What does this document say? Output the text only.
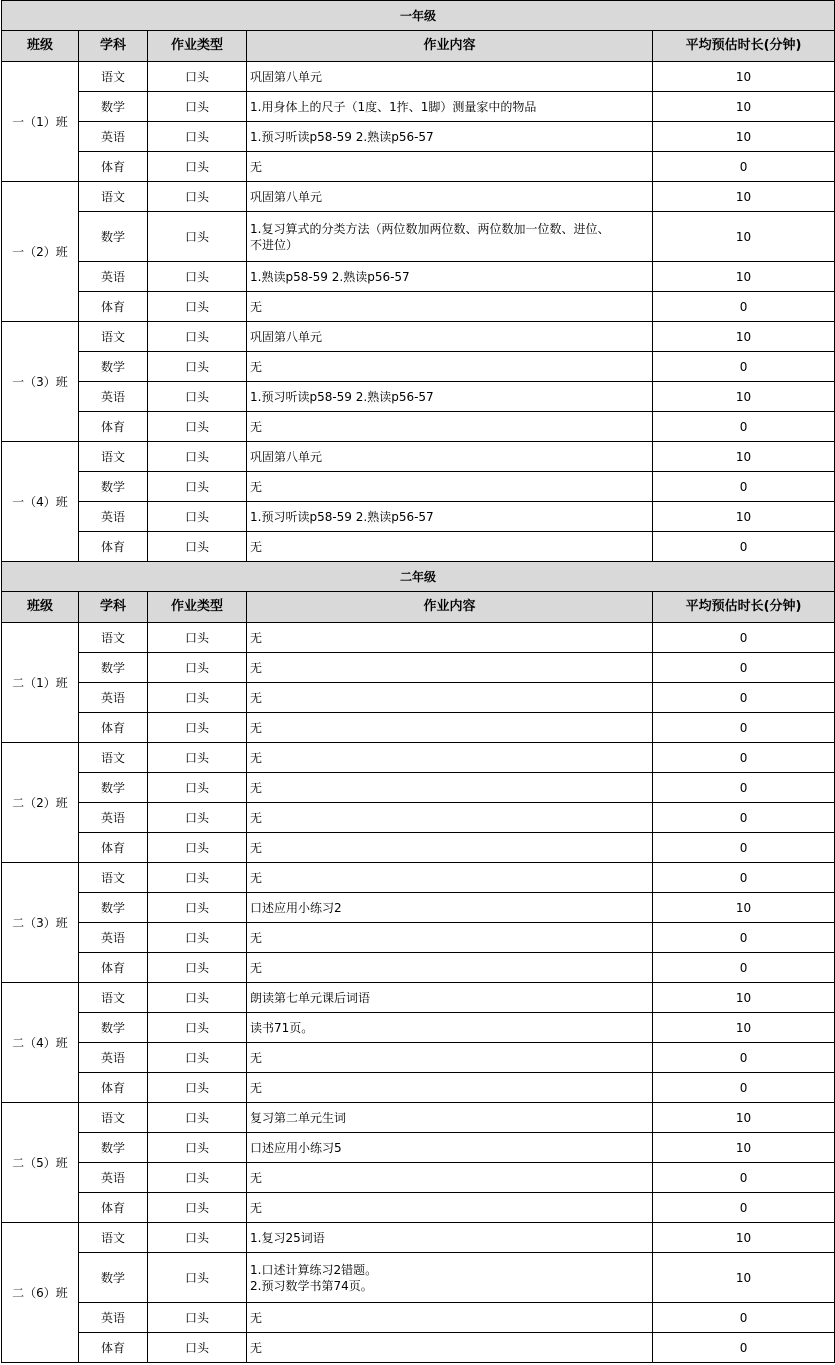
一年级				
班级	学科	作业类型	作业内容	平均预估时长(分钟)
一（1）班	语文	口头	巩固第八单元	10
	数学	口头	1.用身体上的尺子（1度、1拃、1脚）测量家中的物品	10
	英语	口头	1.预习听读p58-59 2.熟读p56-57	10
	体育	口头	无	0
一（2）班	语文	口头	巩固第八单元	10
	数学	口头	1.复习算式的分类方法（两位数加两位数、两位数加一位数、进位、
不进位）	10
	英语	口头	1.熟读p58-59 2.熟读p56-57	10
	体育	口头	无	0
一（3）班	语文	口头	巩固第八单元	10
	数学	口头	无	0
	英语	口头	1.预习听读p58-59 2.熟读p56-57	10
	体育	口头	无	0
一（4）班	语文	口头	巩固第八单元	10
	数学	口头	无	0
	英语	口头	1.预习听读p58-59 2.熟读p56-57	10
	体育	口头	无	0
二年级				
班级	学科	作业类型	作业内容	平均预估时长(分钟)
二（1）班	语文	口头	无	0
	数学	口头	无	0
	英语	口头	无	0
	体育	口头	无	0
二（2）班	语文	口头	无	0
	数学	口头	无	0
	英语	口头	无	0
	体育	口头	无	0
二（3）班	语文	口头	无	0
	数学	口头	口述应用小练习2	10
	英语	口头	无	0
	体育	口头	无	0
二（4）班	语文	口头	朗读第七单元课后词语	10
	数学	口头	读书71页。	10
	英语	口头	无	0
	体育	口头	无	0
二（5）班	语文	口头	复习第二单元生词	10
	数学	口头	口述应用小练习5	10
	英语	口头	无	0
	体育	口头	无	0
二（6）班	语文	口头	1.复习25词语	10
	数学	口头	1.口述计算练习2错题。
2.预习数学书第74页。	10
	英语	口头	无	0
	体育	口头	无	0
